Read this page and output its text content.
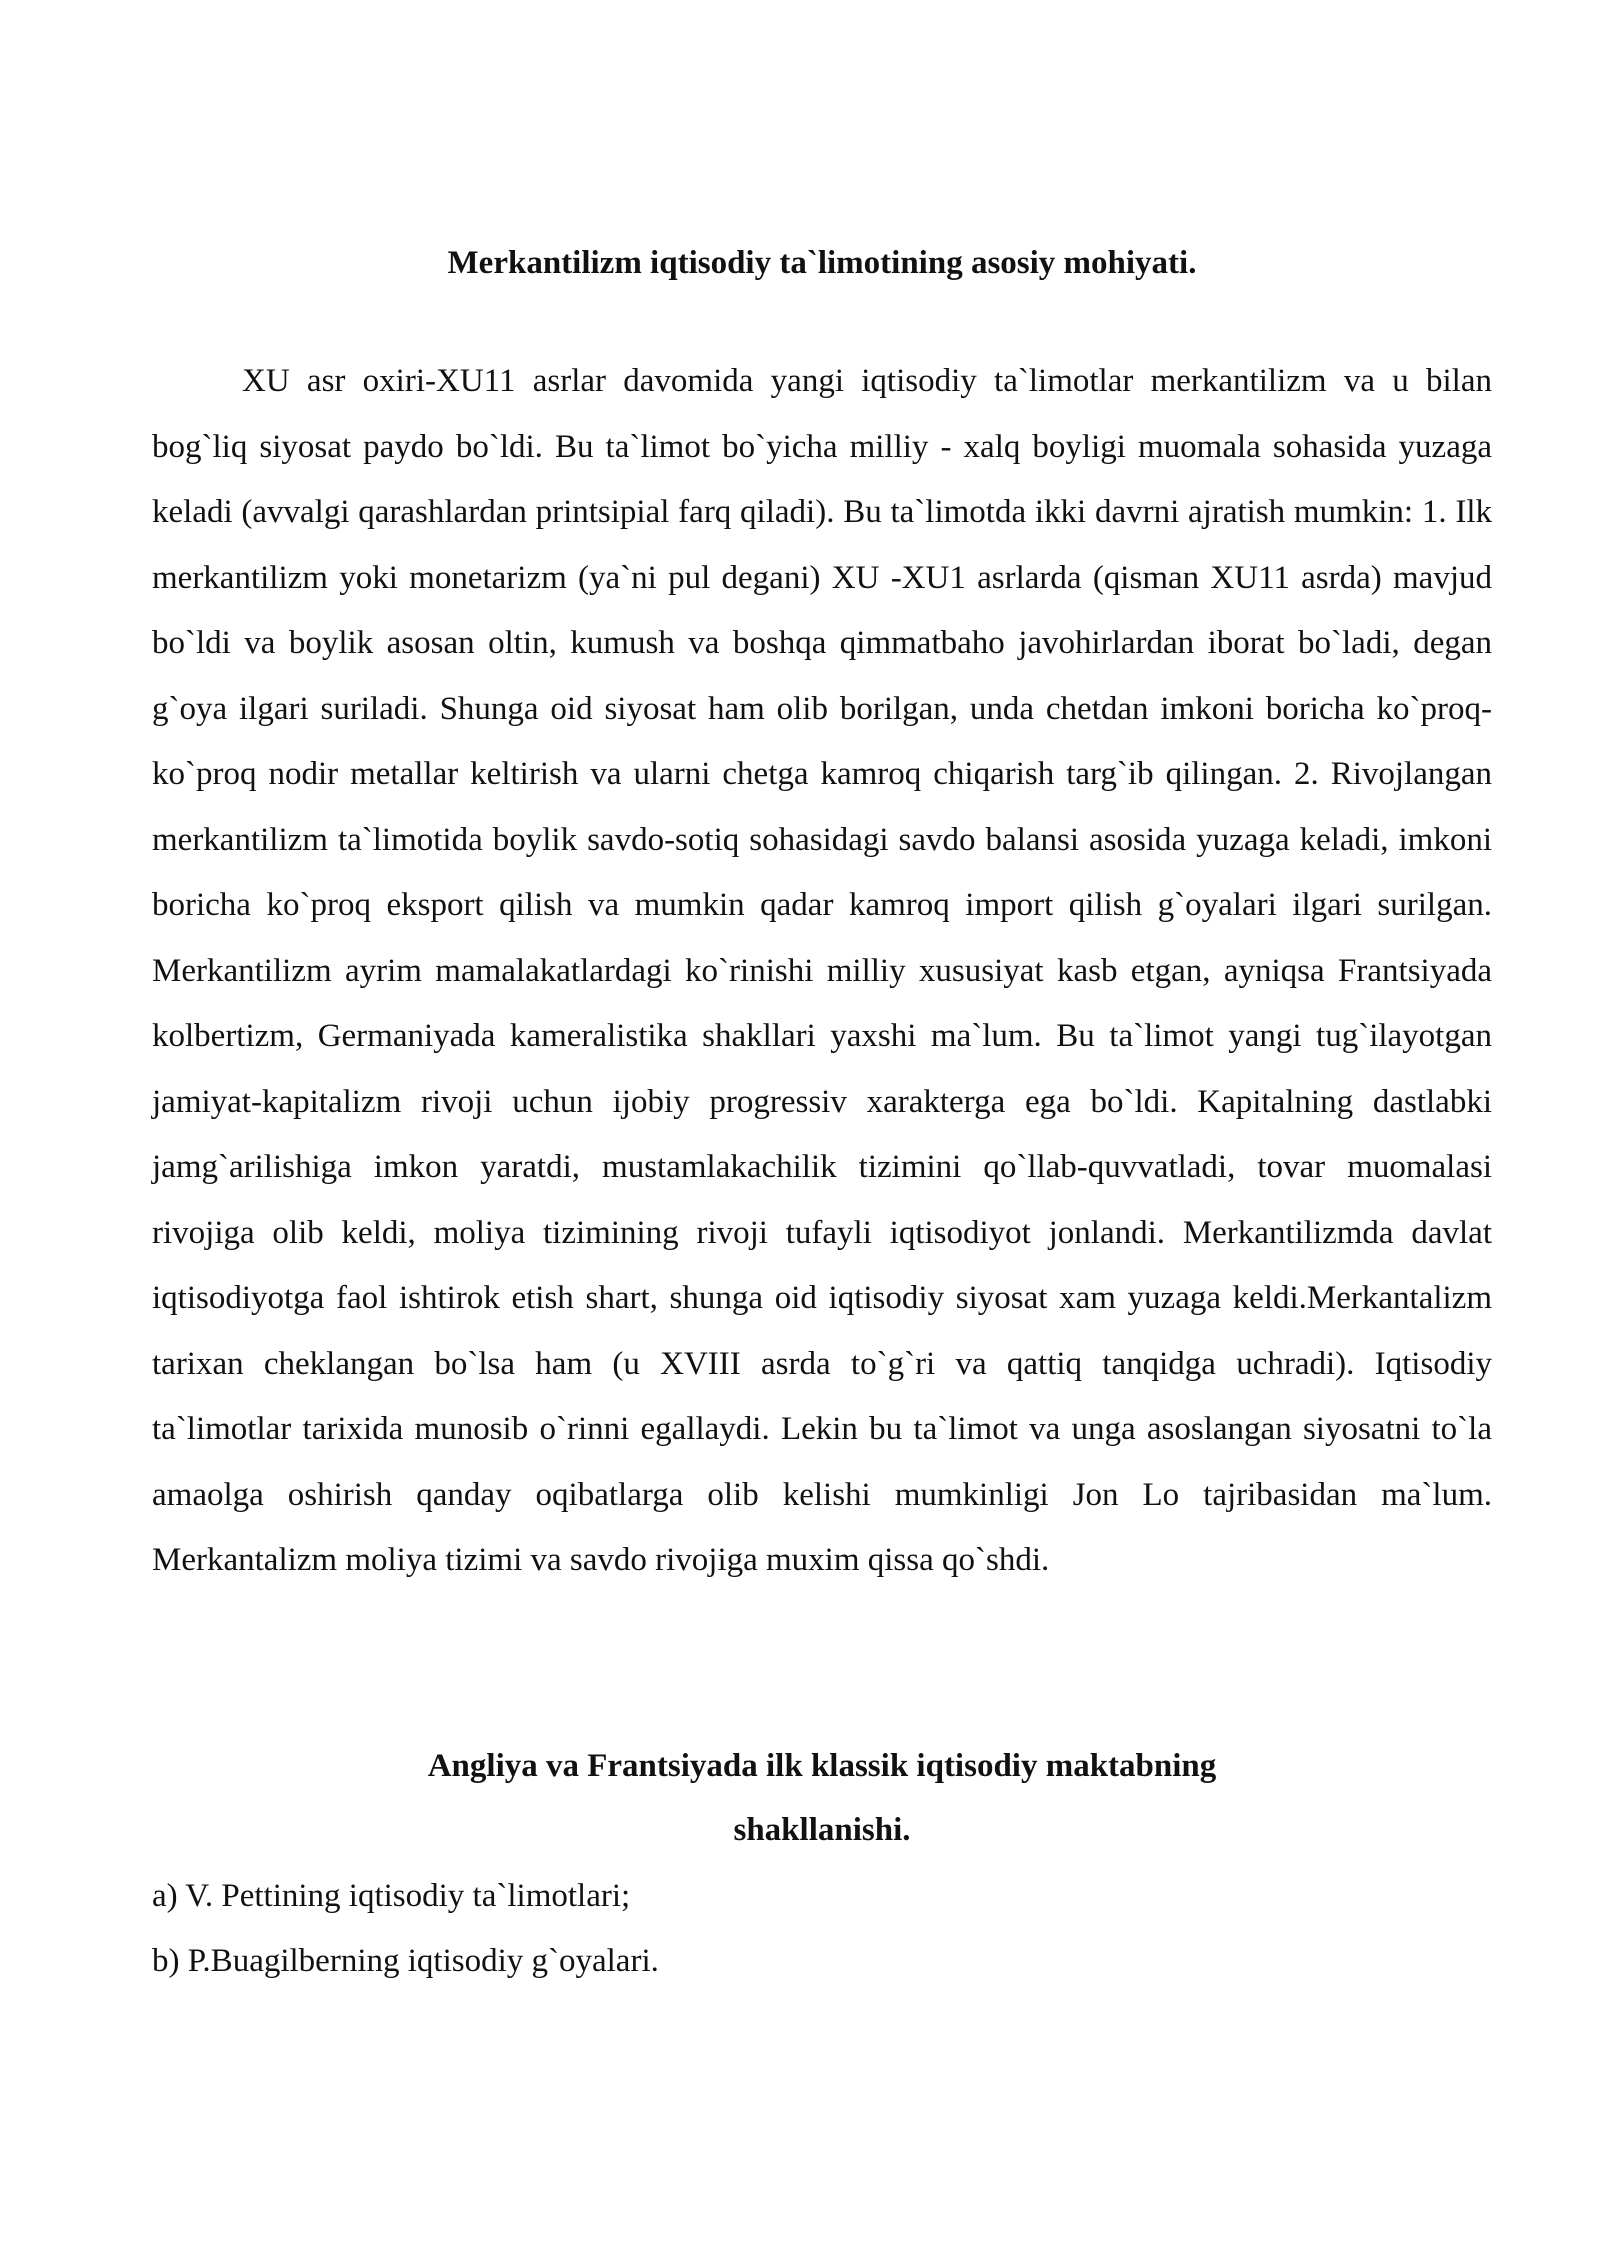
Merkantilizm iqtisodiy ta`limotining asosiy mohiyati.

XU asr oxiri-XU11 asrlar davomida yangi iqtisodiy ta`limotlar merkantilizm va u bilan bog`liq siyosat paydo bo`ldi. Bu ta`limot bo`yicha milliy - xalq boyligi muomala sohasida yuzaga keladi (avvalgi qarashlardan printsipial farq qiladi). Bu ta`limotda ikki davrni ajratish mumkin: 1. Ilk merkantilizm yoki monetarizm (ya`ni pul degani) XU -XU1 asrlarda (qisman XU11 asrda) mavjud bo`ldi va boylik asosan oltin, kumush va boshqa qimmatbaho javohirlardan iborat bo`ladi, degan g`oya ilgari suriladi. Shunga oid siyosat ham olib borilgan, unda chetdan imkoni boricha ko`proq-ko`proq nodir metallar keltirish va ularni chetga kamroq chiqarish targ`ib qilingan. 2. Rivojlangan merkantilizm ta`limotida boylik savdo-sotiq sohasidagi savdo balansi asosida yuzaga keladi, imkoni boricha ko`proq eksport qilish va mumkin qadar kamroq import qilish g`oyalari ilgari surilgan. Merkantilizm ayrim mamalakatlardagi ko`rinishi milliy xususiyat kasb etgan, ayniqsa Frantsiyada kolbertizm, Germaniyada kameralistika shakllari yaxshi ma`lum. Bu ta`limot yangi tug`ilayotgan jamiyat-kapitalizm rivoji uchun ijobiy progressiv xarakterga ega bo`ldi. Kapitalning dastlabki jamg`arilishiga imkon yaratdi, mustamlakachilik tizimini qo`llab-quvvatladi, tovar muomalasi rivojiga olib keldi, moliya tizimining rivoji tufayli iqtisodiyot jonlandi. Merkantilizmda davlat iqtisodiyotga faol ishtirok etish shart, shunga oid iqtisodiy siyosat xam yuzaga keldi.Merkantalizm tarixan cheklangan bo`lsa ham (u XVIII asrda to`g`ri va qattiq tanqidga uchradi). Iqtisodiy ta`limotlar tarixida munosib o`rinni egallaydi. Lekin bu ta`limot va unga asoslangan siyosatni to`la amaolga oshirish qanday oqibatlarga olib kelishi mumkinligi Jon Lo tajribasidan ma`lum. Merkantalizm moliya tizimi va savdo rivojiga muxim qissa qo`shdi.

Angliya va Frantsiyada ilk klassik iqtisodiy maktabning
shakllanishi.
a) V. Pettining iqtisodiy ta`limotlari;
b) P.Buagilberning iqtisodiy g`oyalari.
